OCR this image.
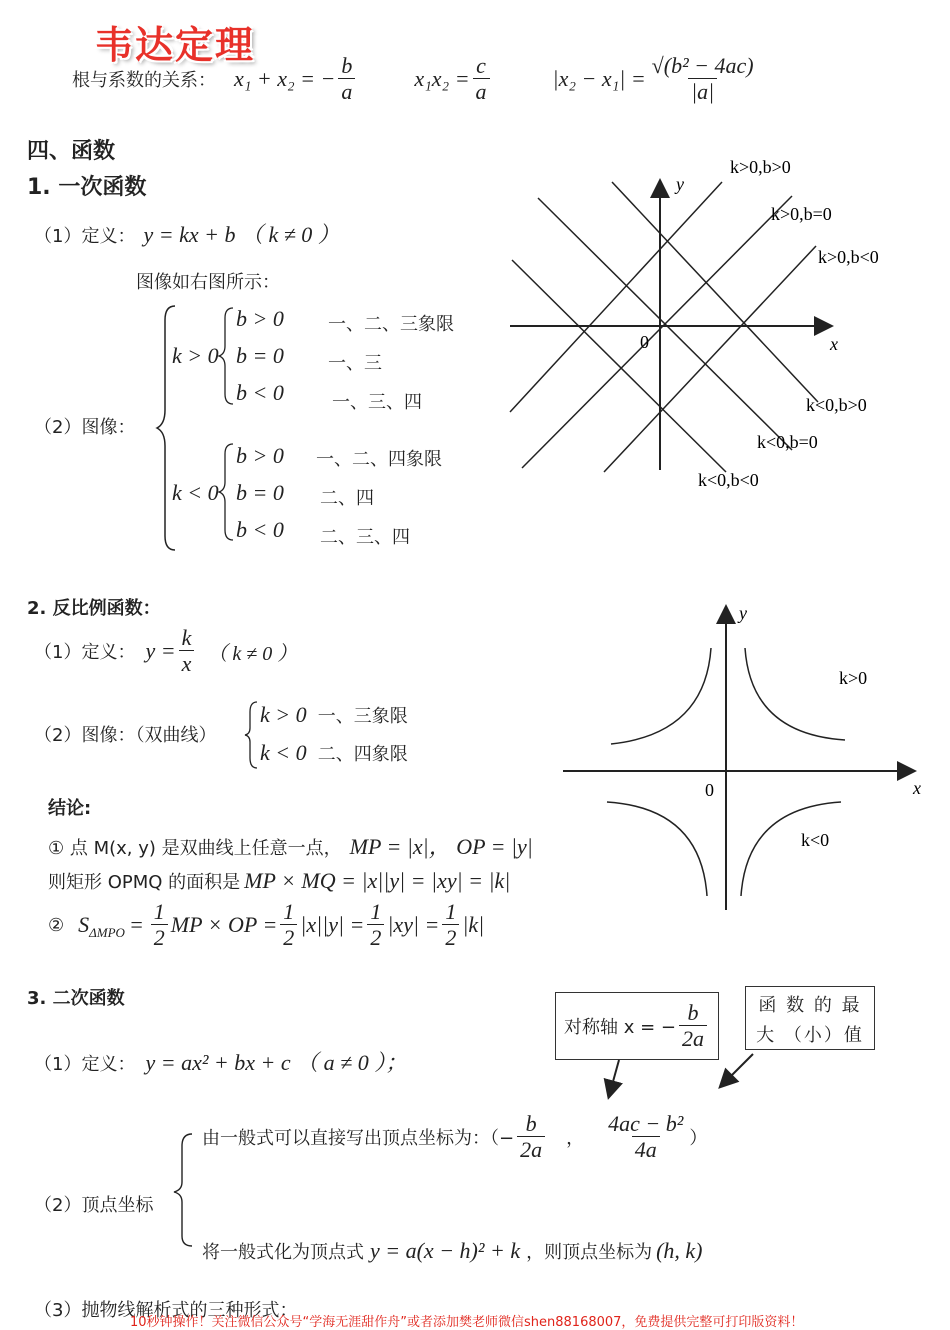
韦达定理
根与系数的关系： x₁ + x₂ = − $\frac{b}{a}$	$x_1x_2 = \frac{c}{a}$	$|x_2 - x_1| = \frac{\text{√(b² − 4ac)}}{|a|}$
四、函数
1. 一次函数
（1）定义： y = kx + b （ k ≠ 0 ）
图像如右图所示：
（2）图像：
k > 0
k < 0
b > 0 一、二、三象限
b = 0 一、三
b < 0	一、三、四
b > 0 一、二、四象限
b = 0 二、四
b < 0 二、三、四
y
x
0
k>0,b>0
k>0,b=0
k>0,b<0
k<0,b>0
k<0,b=0
k<0,b<0
2. 反比例函数：
（1）定义： $y = \frac{k}{x}$ （ k ≠ 0 ）
（2）图像：（双曲线）
k > 0 一、三象限
k < 0 二、四象限
结论:
① 点 M(x, y) 是双曲线上任意一点， MP = |x|， OP = |y|
则矩形 OPMQ 的面积是 MP × MQ = |x||y| = |xy| = |k|
② S $\Delta MPO = \frac{1}{2}$ MP × OP = $\frac{1}{2} |x||y| = \frac{1}{2} |xy| = \frac{1}{2} |k|$
y
x
0
k>0
k<0
3. 二次函数
（1）定义： y = ax² + bx + c （ a ≠ 0 ）；
对称轴 x = − $\frac{b}{2a}$	函 数 的 最 大 （小）值
（2）顶点坐标
由一般式可以直接写出顶点坐标为：（− $\frac{b}{2a}$ ， $\frac{\text{4ac − b²}}{4a}$ ）
将一般式化为顶点式 y = a(x − h)² + k ，则顶点坐标为 (h, k)
（3）抛物线解析式的三种形式：
10秒钟操作！关注微信公众号“学海无涯甜作舟”或者添加樊老师微信shen88168007，免费提供完整可打印版资料！
